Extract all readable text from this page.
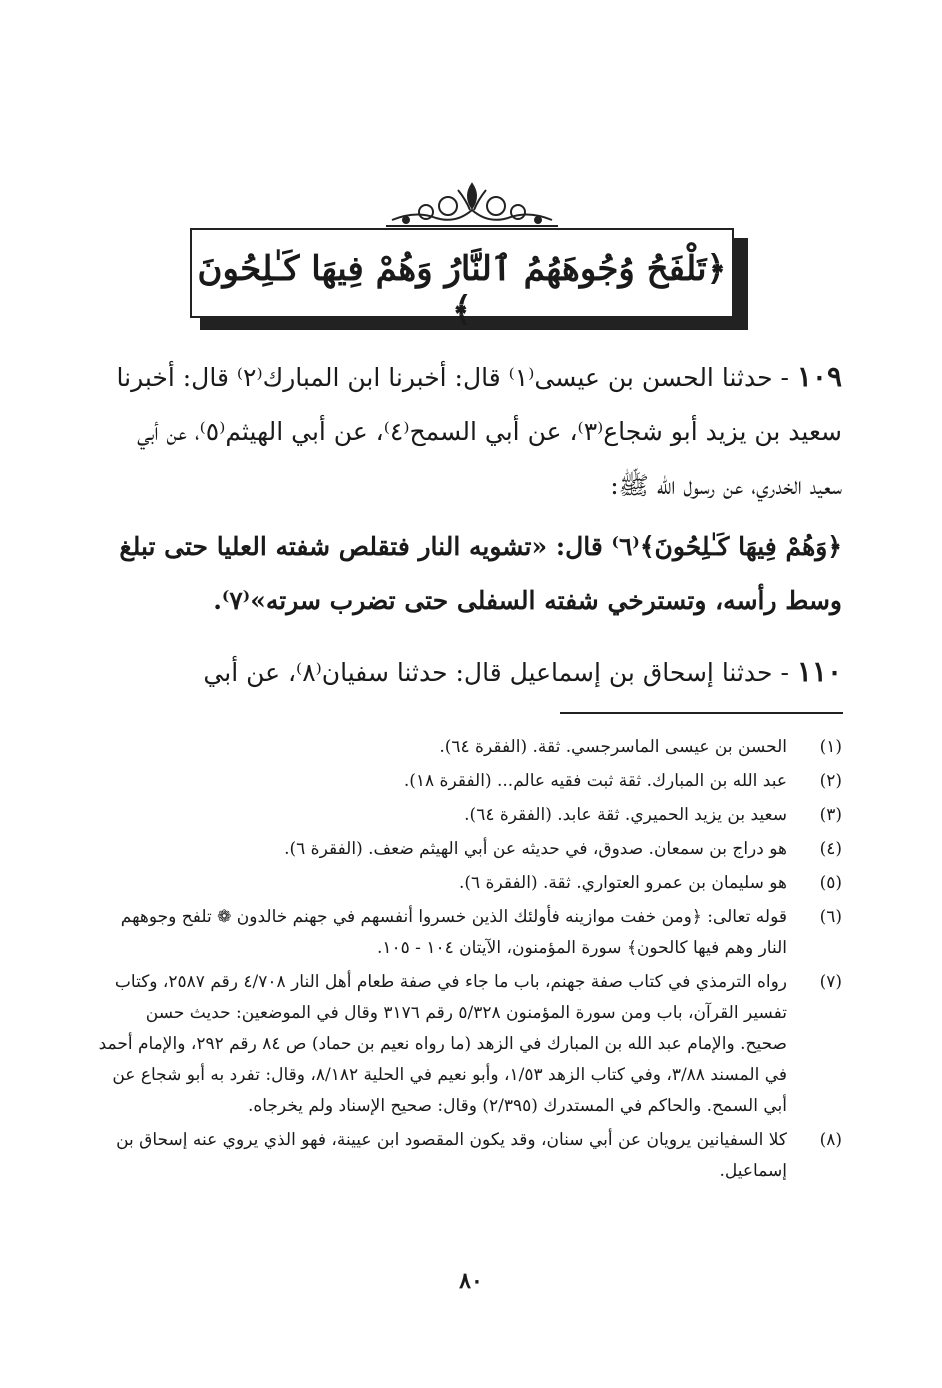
﴿تَلْفَحُ وُجُوهَهُمُ ٱلنَّارُ وَهُمْ فِيهَا كَـٰلِحُونَ ﴾
١٠٩ - حدثنا الحسن بن عيسى⁽١⁾ قال: أخبرنا ابن المبارك⁽٢⁾ قال: أخبرنا سعيد بن يزيد أبو شجاع⁽٣⁾، عن أبي السمح⁽٤⁾، عن أبي الهيثم⁽٥⁾، عن أبي سعيد الخدري، عن رسول الله ﷺ:
﴿وَهُمْ فِيهَا كَـٰلِحُونَ﴾⁽٦⁾ قال: «تشويه النار فتقلص شفته العليا حتى تبلغ وسط رأسه، وتسترخي شفته السفلى حتى تضرب سرته»⁽٧⁾.
١١٠ - حدثنا إسحاق بن إسماعيل قال: حدثنا سفيان⁽٨⁾، عن أبي
(١)
الحسن بن عيسى الماسرجسي. ثقة. (الفقرة ٦٤).
(٢)
عبد الله بن المبارك. ثقة ثبت فقيه عالم... (الفقرة ١٨).
(٣)
سعيد بن يزيد الحميري. ثقة عابد. (الفقرة ٦٤).
(٤)
هو دراج بن سمعان. صدوق، في حديثه عن أبي الهيثم ضعف. (الفقرة ٦).
(٥)
هو سليمان بن عمرو العتواري. ثقة. (الفقرة ٦).
(٦)
قوله تعالى: ﴿ومن خفت موازينه فأولئك الذين خسروا أنفسهم في جهنم خالدون ❁ تلفح وجوههم النار وهم فيها كالحون﴾ سورة المؤمنون، الآيتان ١٠٤ - ١٠٥.
(٧)
رواه الترمذي في كتاب صفة جهنم، باب ما جاء في صفة طعام أهل النار ٤/٧٠٨ رقم ٢٥٨٧، وكتاب تفسير القرآن، باب ومن سورة المؤمنون ٥/٣٢٨ رقم ٣١٧٦ وقال في الموضعين: حديث حسن صحيح. والإمام عبد الله بن المبارك في الزهد (ما رواه نعيم بن حماد) ص ٨٤ رقم ٢٩٢، والإمام أحمد في المسند ٣/٨٨، وفي كتاب الزهد ١/٥٣، وأبو نعيم في الحلية ٨/١٨٢، وقال: تفرد به أبو شجاع عن أبي السمح. والحاكم في المستدرك (٢/٣٩٥) وقال: صحيح الإسناد ولم يخرجاه.
(٨)
كلا السفيانين يرويان عن أبي سنان، وقد يكون المقصود ابن عيينة، فهو الذي يروي عنه إسحاق بن إسماعيل.
٨٠
